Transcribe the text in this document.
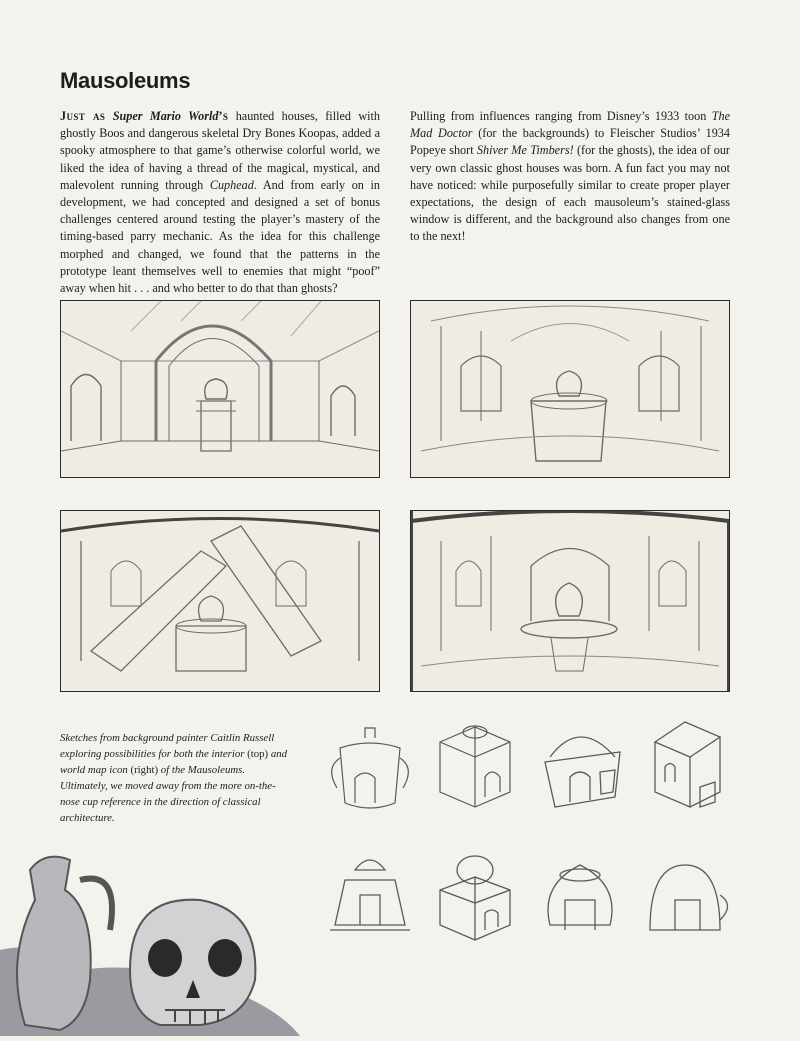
Mausoleums

Just as Super Mario World’s haunted houses, filled with ghostly Boos and dangerous skeletal Dry Bones Koopas, added a spooky atmosphere to that game’s otherwise colorful world, we liked the idea of having a thread of the magical, mystical, and malevolent running through Cuphead. And from early on in development, we had concepted and designed a set of bonus challenges centered around testing the player’s mastery of the timing-based parry mechanic. As the idea for this challenge morphed and changed, we found that the patterns in the prototype leant themselves well to enemies that might “poof” away when hit . . . and who better to do that than ghosts?

Pulling from influences ranging from Disney’s 1933 toon The Mad Doctor (for the backgrounds) to Fleischer Studios’ 1934 Popeye short Shiver Me Timbers! (for the ghosts), the idea of our very own classic ghost houses was born. A fun fact you may not have noticed: while purposefully similar to create proper player expectations, the design of each mausoleum’s stained-glass window is different, and the background also changes from one to the next!

Sketches from background painter Caitlin Russell exploring possibilities for both the interior (top) and world map icon (right) of the Mausoleums. Ultimately, we moved away from the more on-the-nose cup reference in the direction of classical architecture.
